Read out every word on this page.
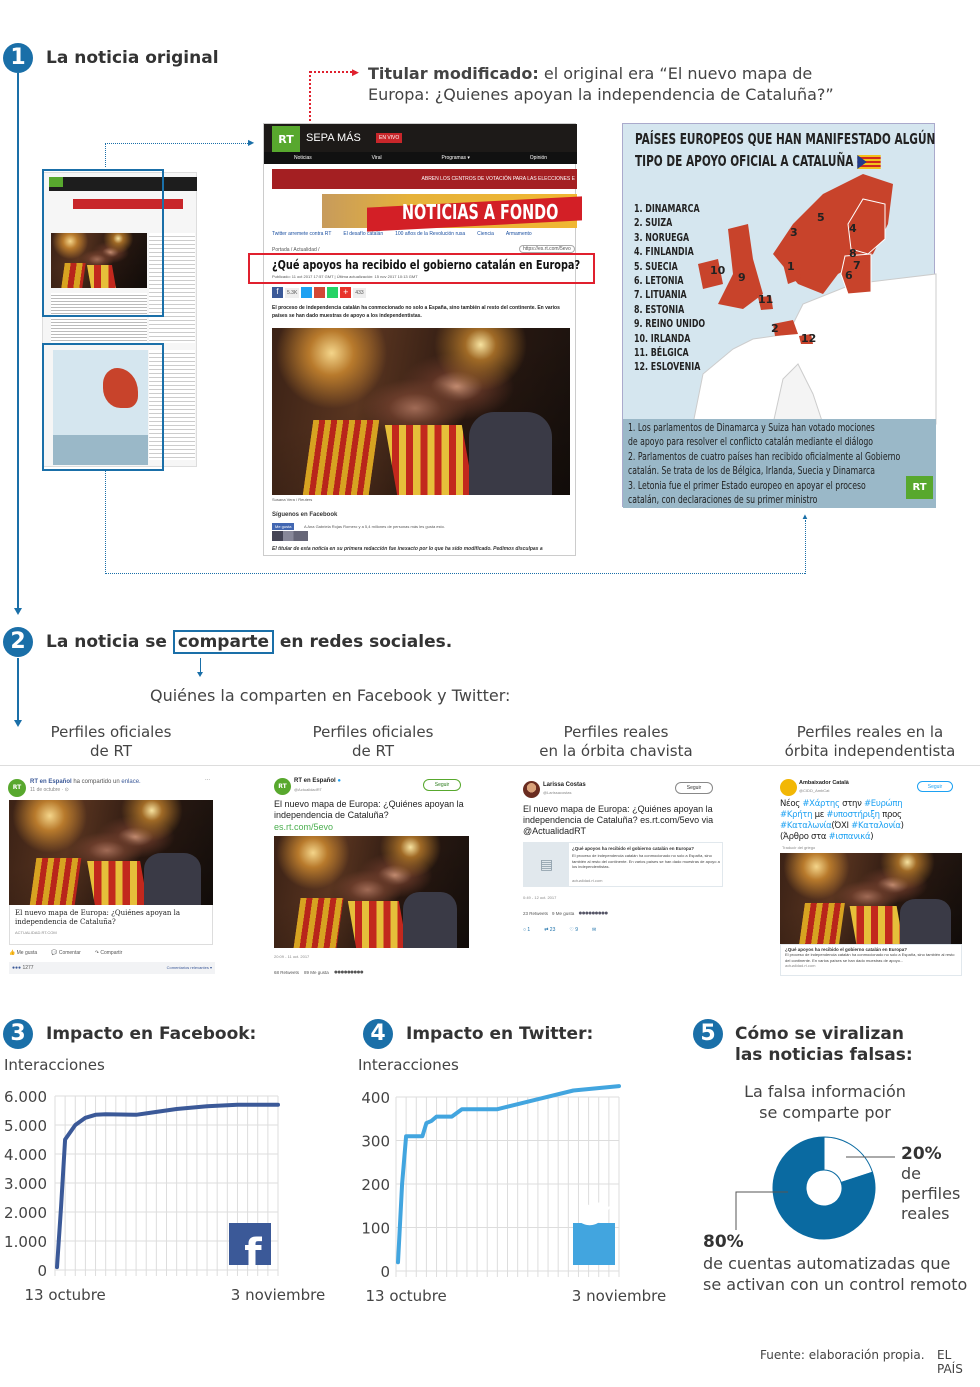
1	La noticia original
Titular modificado: el original era “El nuevo mapa de
Europa: ¿Quienes apoyan la independencia de Cataluña?”
▶
▶
▲
RT	SEPA MÁS	EN VIVO
Noticias	Viral	Programas ▾	Opinión
ABREN LOS CENTROS DE VOTACIÓN PARA LAS ELECCIONES E
NOTICIAS A FONDO
Twitter arremete contra RT El desafío catalán 100 años de la Revolución rusa Ciencia Armamento
Portada / Actualidad /	https://es.rt.com/5evo
¿Qué apoyos ha recibido el gobierno catalán en Europa?
Publicado: 11 oct 2017 17:57 GMT | Última actualización: 15 nov 2017 10:13 GMT
f	5.3K	+	433
El proceso de independencia catalán ha conmocionado no solo a España, sino también al resto del continente. En varios países se han dado muestras de apoyo a los independentistas.
Susana Vera / Reuters
Síguenos en Facebook
Me gusta	A Ana Gabriela Rojas Romero y a 5,4 millones de personas más les gusta esto.
El titular de esta noticia en su primera redacción fue inexacto por lo que ha sido modificado. Pedimos disculpas a
5
3	4
8
7
6
1
10
9
11
2
12
PAÍSES EUROPEOS QUE HAN MANIFESTADO ALGÚN
TIPO DE APOYO OFICIAL A CATALUÑA
1. DINAMARCA
2. SUIZA
3. NORUEGA
4. FINLANDIA
5. SUECIA
6. LETONIA
7. LITUANIA
8. ESTONIA
9. REINO UNIDO
10. IRLANDA
11. BÉLGICA
12. ESLOVENIA
1. Los parlamentos de Dinamarca y Suiza han votado mociones
de apoyo para resolver el conflicto catalán mediante el diálogo
2. Parlamentos de cuatro países han recibido oficialmente al Gobierno
catalán. Se trata de los de Bélgica, Irlanda, Suecia y Dinamarca
3. Letonia fue el primer Estado europeo en apoyar el proceso
catalán, con declaraciones de su primer ministro
RT
2	La noticia se comparte en redes sociales.
Quiénes la comparten en Facebook y Twitter:
Perfiles oficiales
de RT
Perfiles oficiales
de RT
Perfiles reales
en la órbita chavista
Perfiles reales en la
órbita independentista
RT
RT en Español ha compartido un enlace.
11 de octubre · ⊙
···
El nuevo mapa de Europa: ¿Quiénes apoyan la independencia de Cataluña?
ACTUALIDAD.RT.COM
👍 Me gusta	💬 Comentar	↷ Compartir
●●● 1277	Comentarios relevantes ▾
RT
RT en Español ●
@ActualidadRT
Seguir
El nuevo mapa de Europa: ¿Quiénes apoyan la independencia de Cataluña?
es.rt.com/5evo
20:09 - 11 oct. 2017
68 Retweets 89 Me gusta ●●●●●●●●●
Larissa Costas
@Larissacostas
Seguir
El nuevo mapa de Europa: ¿Quiénes apoyan la independencia de Cataluña? es.rt.com/5evo via @ActualidadRT
▤
¿Qué apoyos ha recibido el gobierno catalán en Europa?
El proceso de independencia catalán ha conmocionado no solo a España, sino también al resto del continente. En varios países se han dado muestras de apoyo a los independentistas.
actualidad.rt.com
0:49 - 12 oct. 2017
23 Retweets 9 Me gusta ●●●●●●●●●
○ 1	⇄ 23	♡ 9	✉
Ambaixador Català
@CIDD_AmbCat
Seguir
Νέος #Χάρτης στην #Ευρώπη
#Κρήτη με #υποστήριξη προς
#Καταλωνία(ΌΧΙ #Καταλονία)
(Άρθρο στα #ισπανικά)
Traducir del griego
¿Qué apoyos ha recibido el gobierno catalán en Europa?
El proceso de independencia catalán ha conmocionado no solo a España, sino también al resto del continente. En varios países se han dado muestras de apoyo...
actualidad.rt.com
3	Impacto en Facebook:
Interacciones
0
1.000
2.000
3.000
4.000
5.000
6.000
13 octubre	3 noviembre
f
4	Impacto en Twitter:
Interacciones
0
100
200
300
400
13 octubre	3 noviembre
5	Cómo se viralizan
las noticias falsas:
La falsa información
se comparte por
20%
de
perfiles
reales
80%
de cuentas automatizadas que
se activan con un control remoto
Fuente: elaboración propia. EL PAÍS
